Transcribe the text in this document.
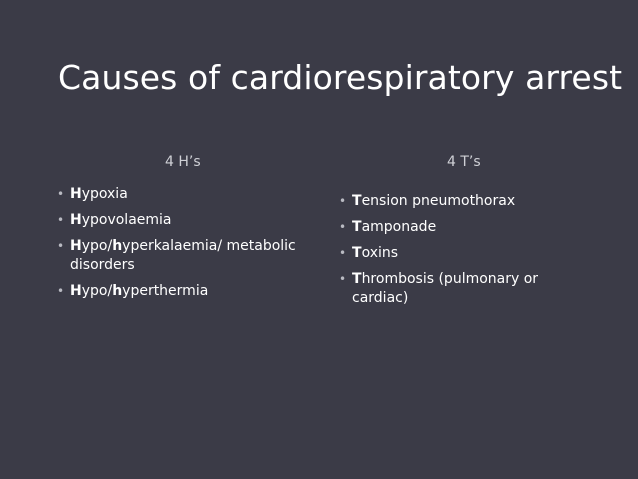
Causes of cardiorespiratory arrest
4 H’s	4 T’s
• Hypoxia
• Hypovolaemia
• Hypo/hyperkalaemia/ metabolic disorders
• Hypo/hyperthermia
• Tension pneumothorax
• Tamponade
• Toxins
• Thrombosis (pulmonary or cardiac)
